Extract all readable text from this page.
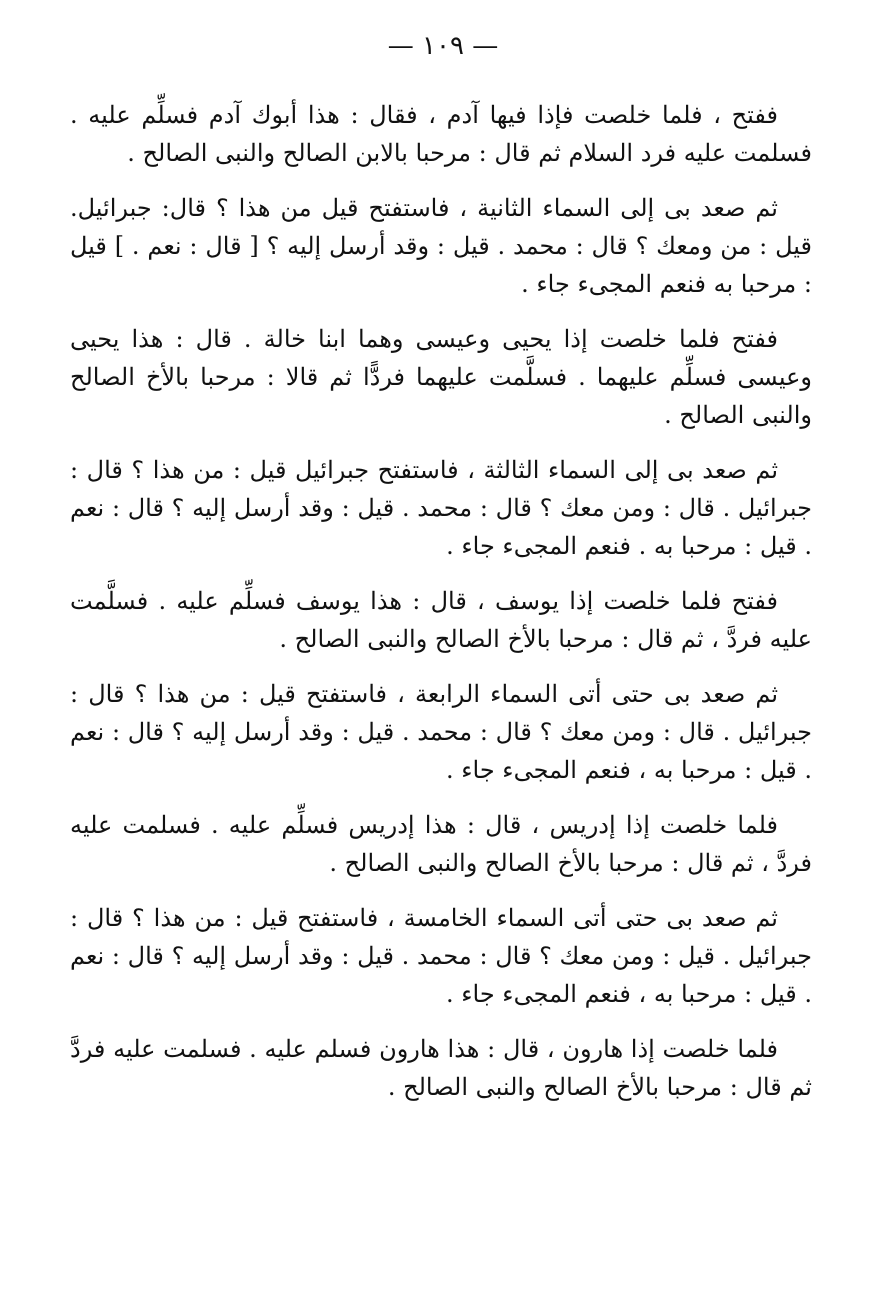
— ١٠٩ —

ففتح ، فلما خلصت فإذا فيها آدم ، فقال : هذا أبوك آدم فسلِّم عليه . فسلمت عليه فرد السلام ثم قال : مرحبا بالابن الصالح والنبى الصالح .

ثم صعد بى إلى السماء الثانية ، فاستفتح قيل من هذا ؟ قال: جبرائيل. قيل : من ومعك ؟ قال : محمد . قيل : وقد أرسل إليه ؟ [ قال : نعم . ] قيل : مرحبا به فنعم المجىء جاء .

ففتح فلما خلصت إذا يحيى وعيسى وهما ابنا خالة . قال : هذا يحيى وعيسى فسلِّم عليهما . فسلَّمت عليهما فردًّا ثم قالا : مرحبا بالأخ الصالح والنبى الصالح .

ثم صعد بى إلى السماء الثالثة ، فاستفتح جبرائيل قيل : من هذا ؟ قال : جبرائيل . قال : ومن معك ؟ قال : محمد . قيل : وقد أرسل إليه ؟ قال : نعم . قيل : مرحبا به . فنعم المجىء جاء .

ففتح فلما خلصت إذا يوسف ، قال : هذا يوسف فسلِّم عليه . فسلَّمت عليه فردَّ ، ثم قال : مرحبا بالأخ الصالح والنبى الصالح .

ثم صعد بى حتى أتى السماء الرابعة ، فاستفتح قيل : من هذا ؟ قال : جبرائيل . قال : ومن معك ؟ قال : محمد . قيل : وقد أرسل إليه ؟ قال : نعم . قيل : مرحبا به ، فنعم المجىء جاء .

فلما خلصت إذا إدريس ، قال : هذا إدريس فسلِّم عليه . فسلمت عليه فردَّ ، ثم قال : مرحبا بالأخ الصالح والنبى الصالح .

ثم صعد بى حتى أتى السماء الخامسة ، فاستفتح قيل : من هذا ؟ قال : جبرائيل . قيل : ومن معك ؟ قال : محمد . قيل : وقد أرسل إليه ؟ قال : نعم . قيل : مرحبا به ، فنعم المجىء جاء .

فلما خلصت إذا هارون ، قال : هذا هارون فسلم عليه . فسلمت عليه فردَّ ثم قال : مرحبا بالأخ الصالح والنبى الصالح .
